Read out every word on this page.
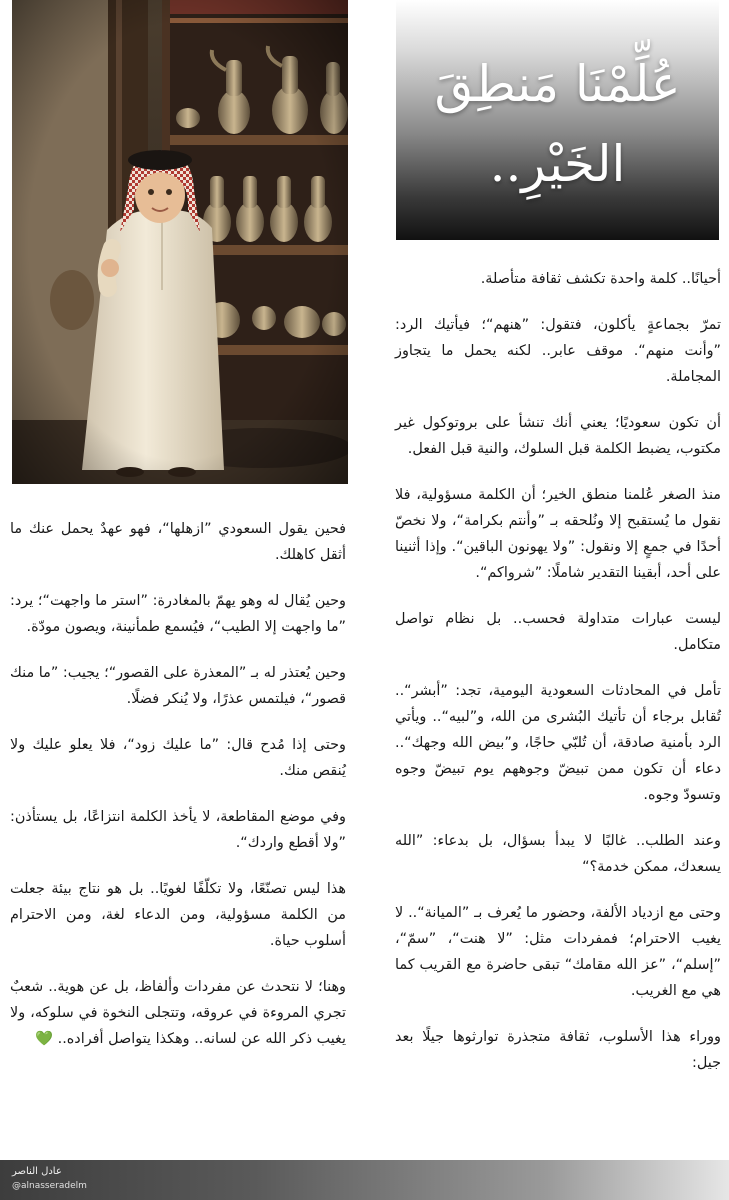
عُلِّمْنَا مَنطِقَ
الخَيْرِ..

أحيانًا.. كلمة واحدة تكشف ثقافة متأصلة.

تمرّ بجماعةٍ يأكلون، فتقول: ”هنهم“؛ فيأتيك الرد: ”وأنت منهم“. موقف عابر.. لكنه يحمل ما يتجاوز المجاملة.

أن تكون سعوديًا؛ يعني أنك تنشأ على بروتوكول غير مكتوب، يضبط الكلمة قبل السلوك، والنية قبل الفعل.

منذ الصغر عُلمنا منطق الخير؛ أن الكلمة مسؤولية، فلا نقول ما يُستقبح إلا ونُلحقه بـ ”وأنتم بكرامة“، ولا نخصّ أحدًا في جمعٍ إلا ونقول: ”ولا يهونون الباقين“. وإذا أثنينا على أحد، أبقينا التقدير شاملًا: ”شرواكم“.

ليست عبارات متداولة فحسب.. بل نظام تواصل متكامل.

تأمل في المحادثات السعودية اليومية، تجد: ”أبشر“.. تُقابل برجاء أن تأتيك البُشرى من الله، و”لبيه“.. ويأتي الرد بأمنية صادقة، أن تُلبّي حاجًا، و”بيض الله وجهك“.. دعاء أن تكون ممن تبيضّ وجوههم يوم تبيضّ وجوه وتسودّ وجوه.

وعند الطلب.. غالبًا لا يبدأ بسؤال، بل بدعاء: ”الله يسعدك، ممكن خدمة؟“

وحتى مع ازدياد الألفة، وحضور ما يُعرف بـ ”الميانة“.. لا يغيب الاحترام؛ فمفردات مثل: ”لا هنت“، ”سمّ“، ”إسلم“، ”عز الله مقامك“ تبقى حاضرة مع القريب كما هي مع الغريب.

ووراء هذا الأسلوب، ثقافة متجذرة توارثوها جيلًا بعد جيل:

فحين يقول السعودي ”ازهلها“، فهو عهدٌ يحمل عنك ما أثقل كاهلك.

وحين يُقال له وهو يهمّ بالمغادرة: ”استر ما واجهت“؛ يرد: ”ما واجهت إلا الطيب“، فيُسمع طمأنينة، ويصون مودّة.

وحين يُعتذر له بـ ”المعذرة على القصور“؛ يجيب: ”ما منك قصور“، فيلتمس عذرًا، ولا يُنكر فضلًا.

وحتى إذا مُدح قال: ”ما عليك زود“، فلا يعلو عليك ولا يُنقص منك.

وفي موضع المقاطعة، لا يأخذ الكلمة انتزاعًا، بل يستأذن: ”ولا أقطع واردك“.

هذا ليس تصنّعًا، ولا تكلّفًا لغويًا.. بل هو نتاج بيئة جعلت من الكلمة مسؤولية، ومن الدعاء لغة، ومن الاحترام أسلوب حياة.

وهنا؛ لا نتحدث عن مفردات وألفاظ، بل عن هوية.. شعبٌ تجري المروءة في عروقه، وتتجلى النخوة في سلوكه، ولا يغيب ذكر الله عن لسانه.. وهكذا يتواصل أفراده.. 💚

عادل الناصر
@alnasseradelm
